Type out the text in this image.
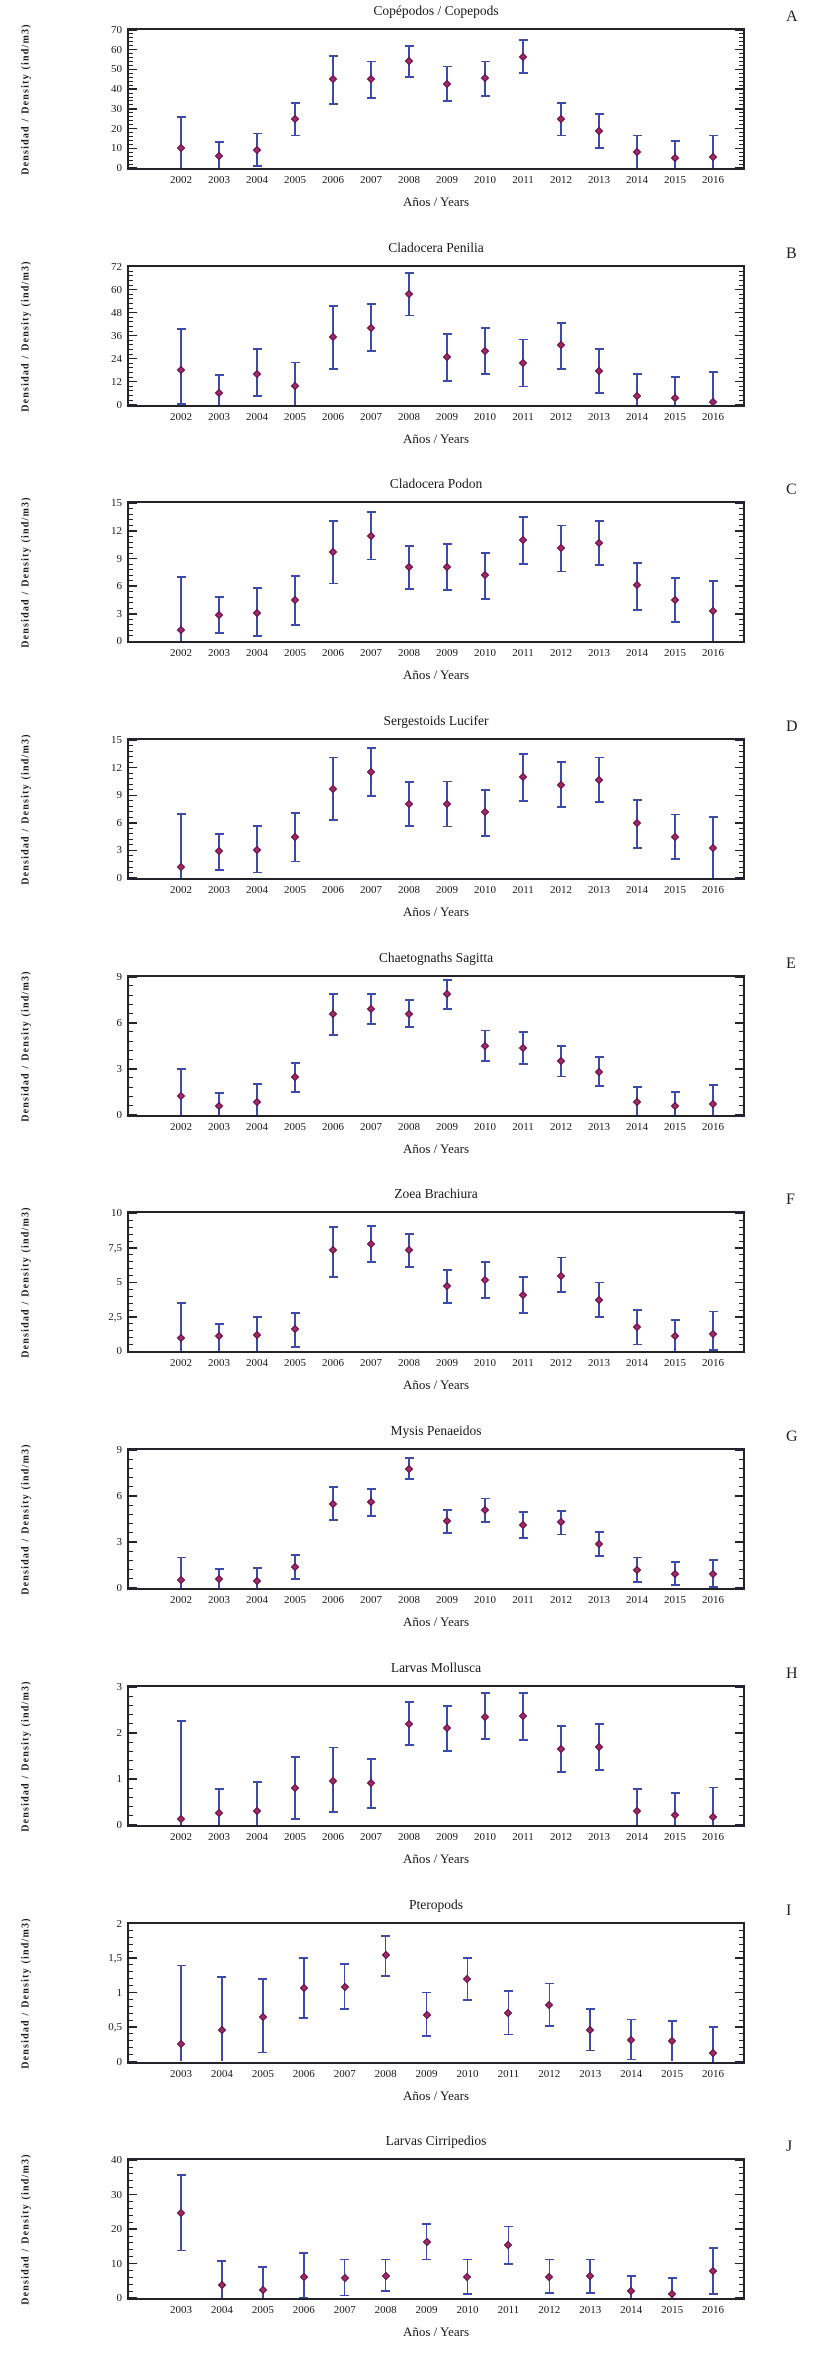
Copépodos / Copepods	A
Densidad / Density (ind/m3)	0
10
20
30
40
50
60
70
2002 2003 2004 2005 2006 2007 2008 2009 2010 2011 2012 2013 2014 2015 2016
Años / Years
Cladocera Penilia	B
Densidad / Density (ind/m3)	0
12
24
36
48
60
72
2002 2003 2004 2005 2006 2007 2008 2009 2010 2011 2012 2013 2014 2015 2016
Años / Years
Cladocera Podon	C
Densidad / Density (ind/m3)	0
3
6
9
12
15
2002 2003 2004 2005 2006 2007 2008 2009 2010 2011 2012 2013 2014 2015 2016
Años / Years
Sergestoids Lucifer	D
Densidad / Density (ind/m3)	0
3
6
9
12
15
2002 2003 2004 2005 2006 2007 2008 2009 2010 2011 2012 2013 2014 2015 2016
Años / Years
Chaetognaths Sagitta	E
Densidad / Density (ind/m3)	0
3
6
9
2002 2003 2004 2005 2006 2007 2008 2009 2010 2011 2012 2013 2014 2015 2016
Años / Years
Zoea Brachiura	F
Densidad / Density (ind/m3)	0
2,5
5
7,5
10
2002 2003 2004 2005 2006 2007 2008 2009 2010 2011 2012 2013 2014 2015 2016
Años / Years
Mysis Penaeidos	G
Densidad / Density (ind/m3)	0
3
6
9
2002 2003 2004 2005 2006 2007 2008 2009 2010 2011 2012 2013 2014 2015 2016
Años / Years
Larvas Mollusca	H
Densidad / Density (ind/m3)	0
1
2
3
2002 2003 2004 2005 2006 2007 2008 2009 2010 2011 2012 2013 2014 2015 2016
Años / Years
Pteropods	I
Densidad / Density (ind/m3)	0
0,5
1
1,5
2
2003 2004 2005 2006 2007 2008 2009 2010 2011 2012 2013 2014 2015 2016
Años / Years
Larvas Cirripedios	J
Densidad / Density (ind/m3)	0
10
20
30
40
2003 2004 2005 2006 2007 2008 2009 2010 2011 2012 2013 2014 2015 2016
Años / Years
